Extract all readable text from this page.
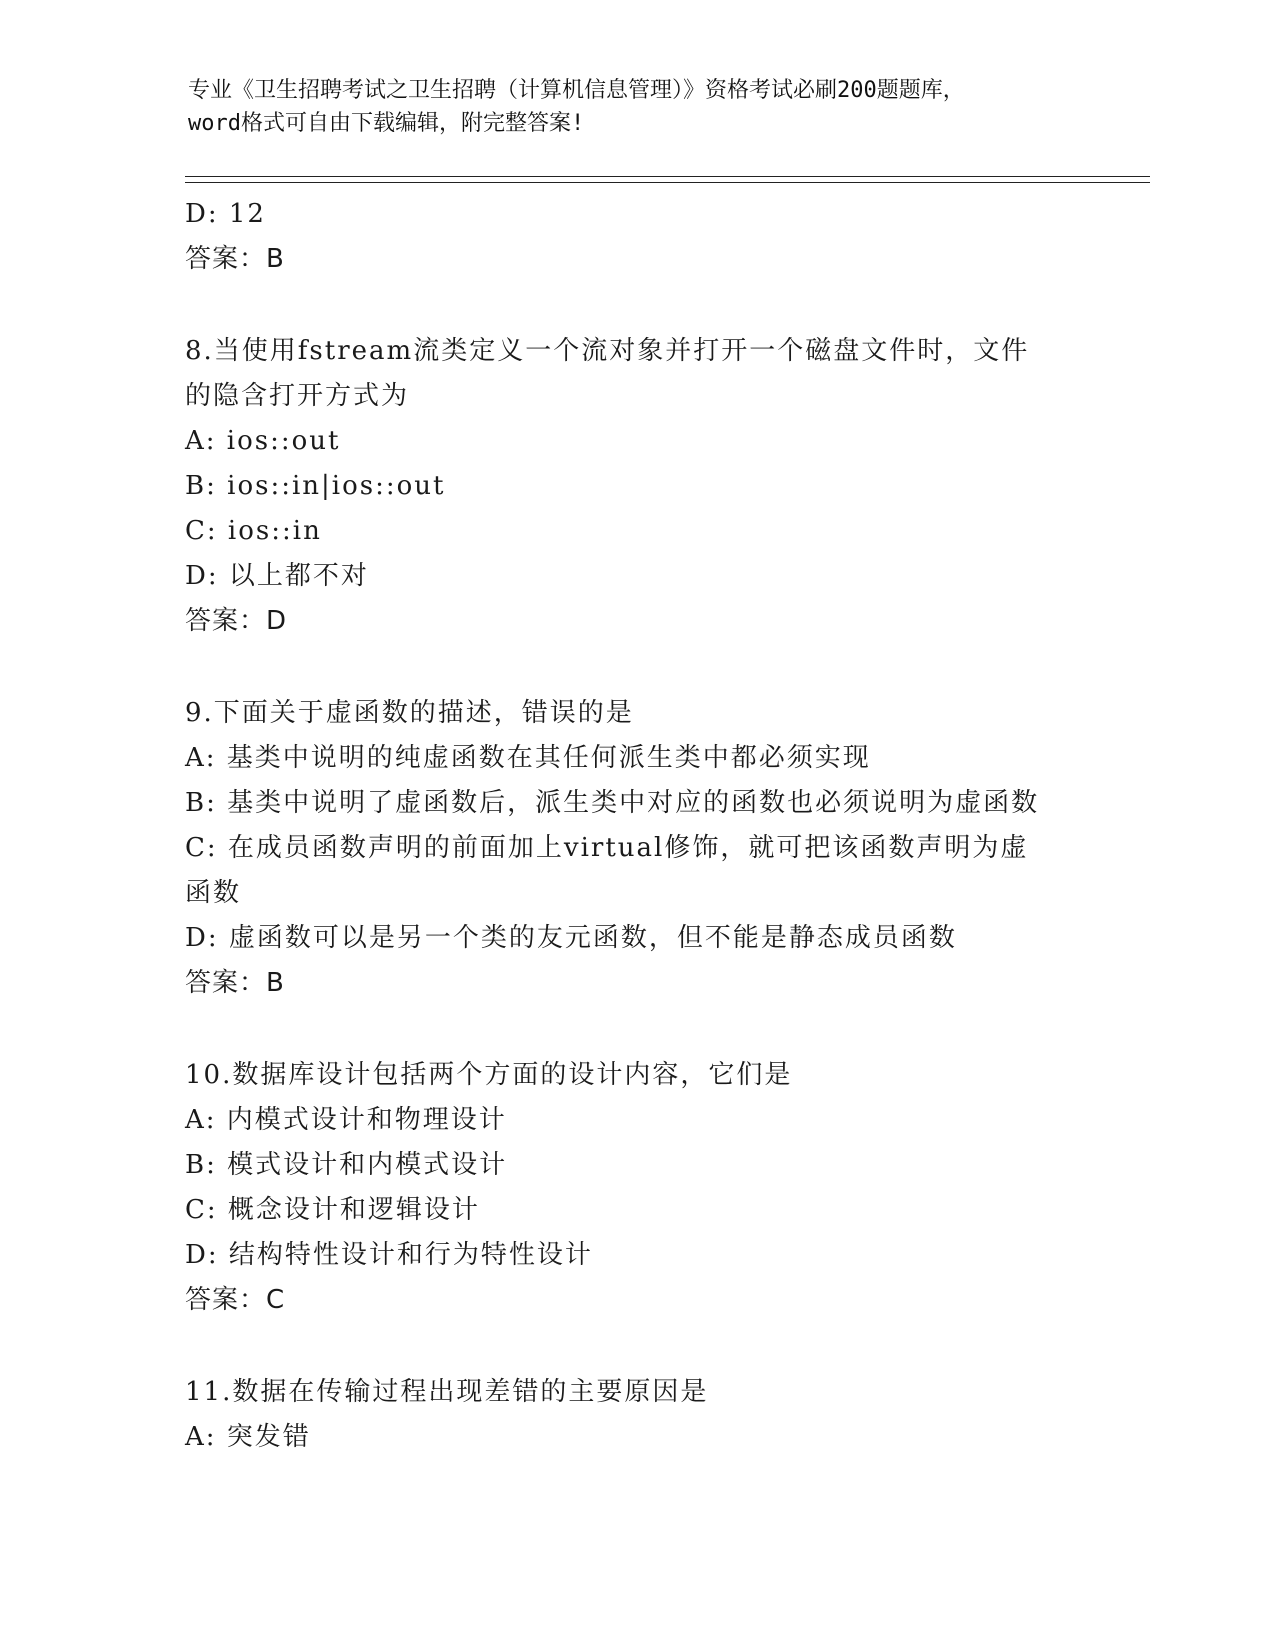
专业《卫生招聘考试之卫生招聘（计算机信息管理）》资格考试必刷200题题库，
word格式可自由下载编辑，附完整答案!
D: 12
答案：B
8.当使用fstream流类定义一个流对象并打开一个磁盘文件时，文件
的隐含打开方式为
A: ios::out
B: ios::in|ios::out
C: ios::in
D: 以上都不对
答案：D
9.下面关于虚函数的描述，错误的是
A: 基类中说明的纯虚函数在其任何派生类中都必须实现
B: 基类中说明了虚函数后，派生类中对应的函数也必须说明为虚函数
C: 在成员函数声明的前面加上virtual修饰，就可把该函数声明为虚
函数
D: 虚函数可以是另一个类的友元函数，但不能是静态成员函数
答案：B
10.数据库设计包括两个方面的设计内容，它们是
A: 内模式设计和物理设计
B: 模式设计和内模式设计
C: 概念设计和逻辑设计
D: 结构特性设计和行为特性设计
答案：C
11.数据在传输过程出现差错的主要原因是
A: 突发错
